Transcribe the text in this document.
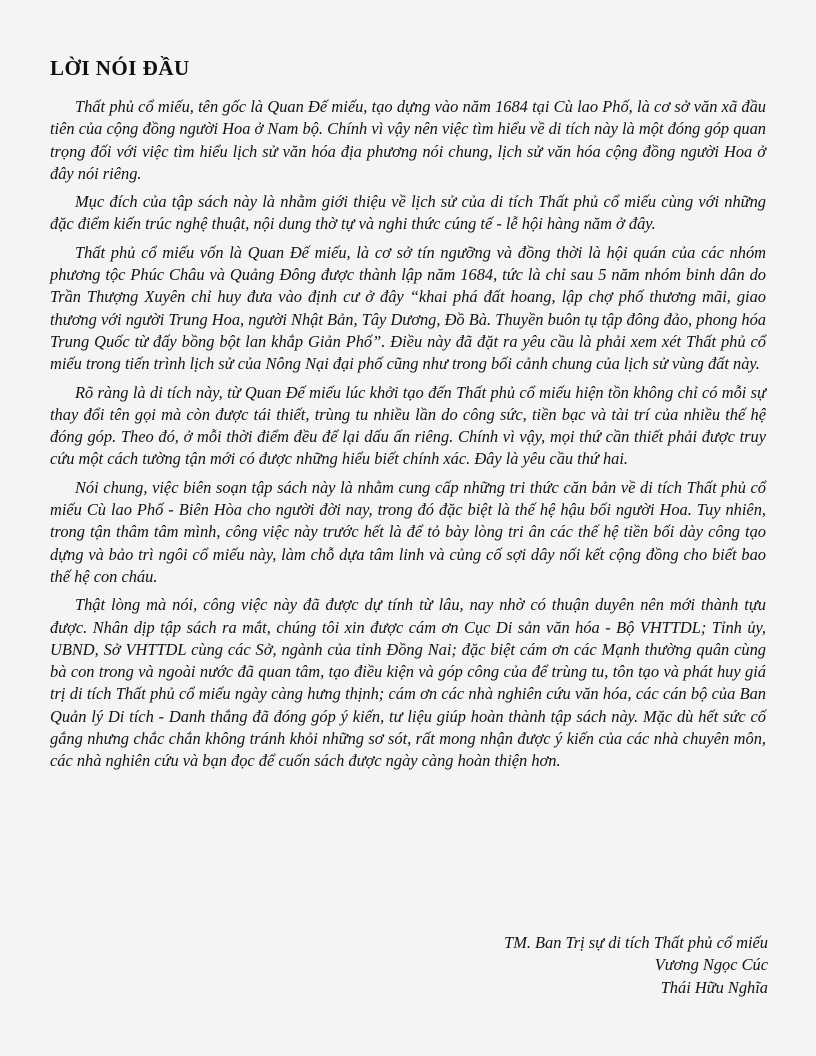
LỜI NÓI ĐẦU

Thất phủ cổ miếu, tên gốc là Quan Đế miếu, tạo dựng vào năm 1684 tại Cù lao Phố, là cơ sở văn xã đầu tiên của cộng đồng người Hoa ở Nam bộ. Chính vì vậy nên việc tìm hiểu về di tích này là một đóng góp quan trọng đối với việc tìm hiểu lịch sử văn hóa địa phương nói chung, lịch sử văn hóa cộng đồng người Hoa ở đây nói riêng.

Mục đích của tập sách này là nhằm giới thiệu về lịch sử của di tích Thất phủ cổ miếu cùng với những đặc điểm kiến trúc nghệ thuật, nội dung thờ tự và nghi thức cúng tế - lễ hội hàng năm ở đây.

Thất phủ cổ miếu vốn là Quan Đế miếu, là cơ sở tín ngưỡng và đồng thời là hội quán của các nhóm phương tộc Phúc Châu và Quảng Đông được thành lập năm 1684, tức là chỉ sau 5 năm nhóm binh dân do Trần Thượng Xuyên chỉ huy đưa vào định cư ở đây “khai phá đất hoang, lập chợ phố thương mãi, giao thương với người Trung Hoa, người Nhật Bản, Tây Dương, Đồ Bà. Thuyền buôn tụ tập đông đảo, phong hóa Trung Quốc từ đấy bồng bột lan khắp Giản Phố”. Điều này đã đặt ra yêu cầu là phải xem xét Thất phủ cổ miếu trong tiến trình lịch sử của Nông Nại đại phố cũng như trong bối cảnh chung của lịch sử vùng đất này.

Rõ ràng là di tích này, từ Quan Đế miếu lúc khởi tạo đến Thất phủ cổ miếu hiện tồn không chỉ có mỗi sự thay đổi tên gọi mà còn được tái thiết, trùng tu nhiều lần do công sức, tiền bạc và tài trí của nhiều thế hệ đóng góp. Theo đó, ở mỗi thời điểm đều để lại dấu ấn riêng. Chính vì vậy, mọi thứ cần thiết phải được truy cứu một cách tường tận mới có được những hiểu biết chính xác. Đây là yêu cầu thứ hai.

Nói chung, việc biên soạn tập sách này là nhằm cung cấp những tri thức căn bản về di tích Thất phủ cổ miếu Cù lao Phố - Biên Hòa cho người đời nay, trong đó đặc biệt là thế hệ hậu bối người Hoa. Tuy nhiên, trong tận thâm tâm mình, công việc này trước hết là để tỏ bày lòng tri ân các thế hệ tiền bối dày công tạo dựng và bảo trì ngôi cổ miếu này, làm chỗ dựa tâm linh và củng cố sợi dây nối kết cộng đồng cho biết bao thế hệ con cháu.

Thật lòng mà nói, công việc này đã được dự tính từ lâu, nay nhờ có thuận duyên nên mới thành tựu được. Nhân dịp tập sách ra mắt, chúng tôi xin được cám ơn Cục Di sản văn hóa - Bộ VHTTDL; Tỉnh ủy, UBND, Sở VHTTDL cùng các Sở, ngành của tỉnh Đồng Nai; đặc biệt cám ơn các Mạnh thường quân cùng bà con trong và ngoài nước đã quan tâm, tạo điều kiện và góp công của để trùng tu, tôn tạo và phát huy giá trị di tích Thất phủ cổ miếu ngày càng hưng thịnh; cám ơn các nhà nghiên cứu văn hóa, các cán bộ của Ban Quản lý Di tích - Danh thắng đã đóng góp ý kiến, tư liệu giúp hoàn thành tập sách này. Mặc dù hết sức cố gắng nhưng chắc chắn không tránh khỏi những sơ sót, rất mong nhận được ý kiến của các nhà chuyên môn, các nhà nghiên cứu và bạn đọc để cuốn sách được ngày càng hoàn thiện hơn.

TM. Ban Trị sự di tích Thất phủ cổ miếu
Vương Ngọc Cúc
Thái Hữu Nghĩa
